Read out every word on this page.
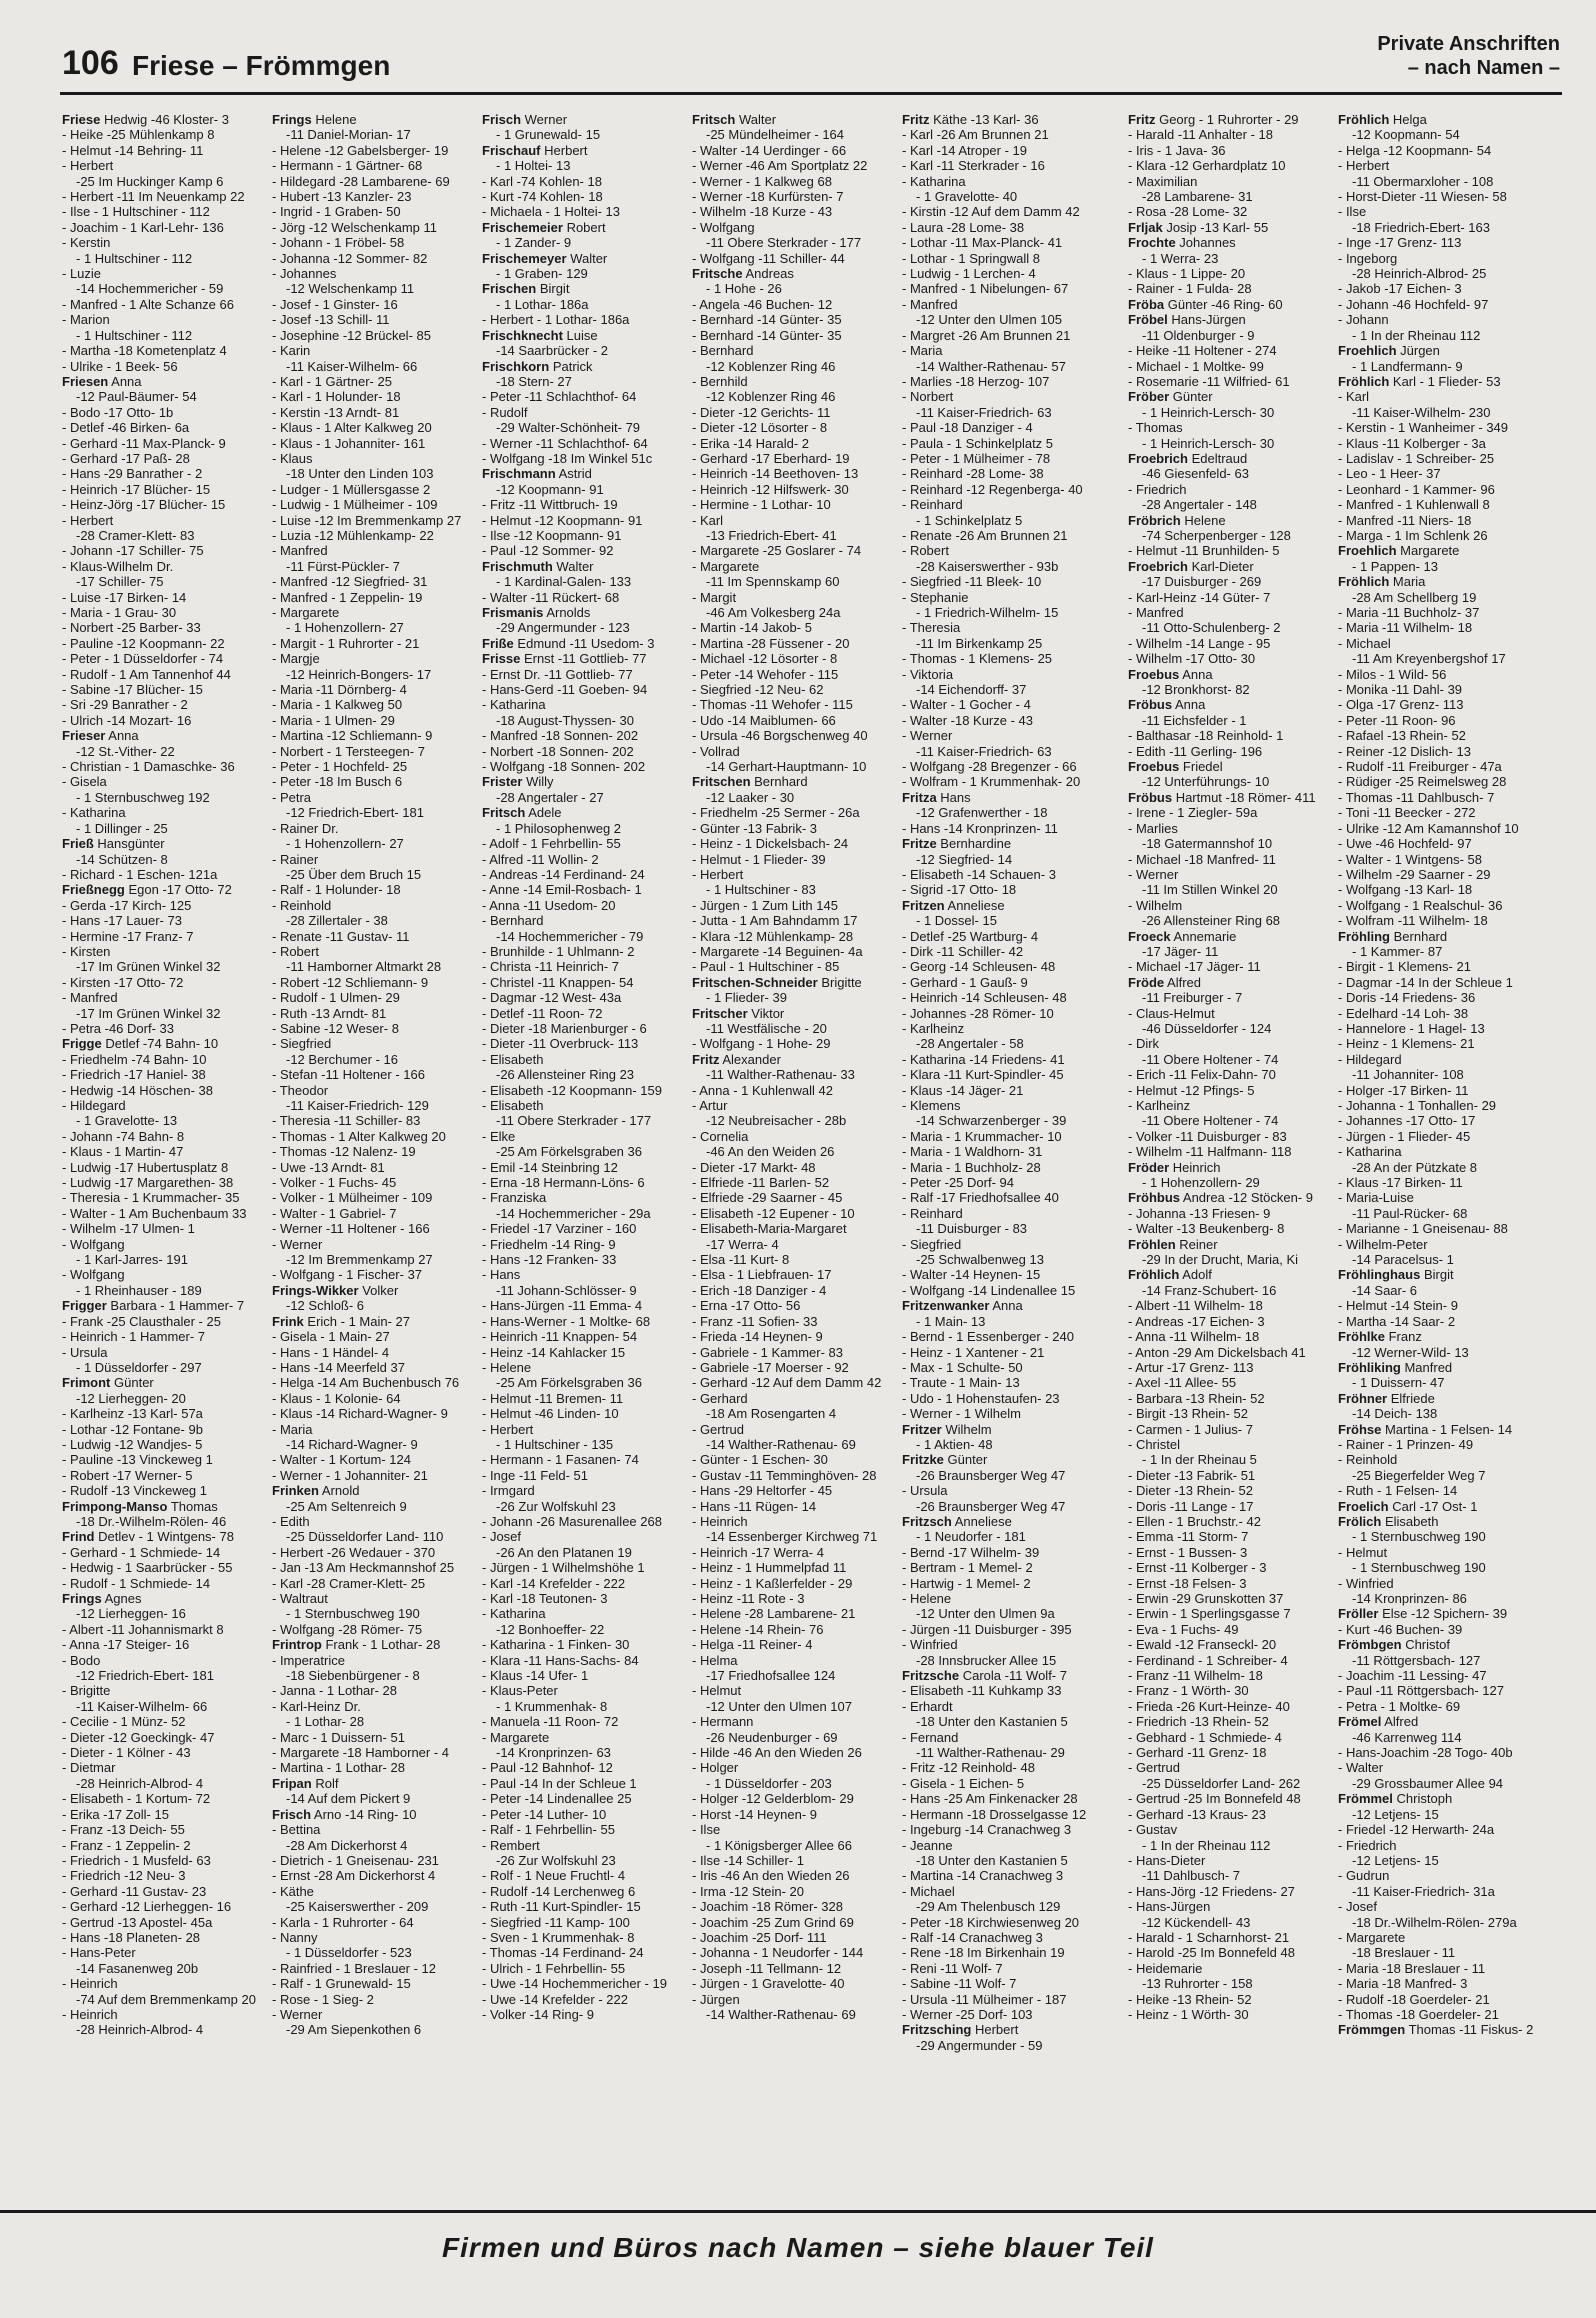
106 Friese – Frömmgen
Private Anschriften
– nach Namen –
Friese Hedwig -46 Kloster- 3
- Heike -25 Mühlenkamp 8
- Helmut -14 Behring- 11
- Herbert
-25 Im Huckinger Kamp 6
- Herbert -11 Im Neuenkamp 22
- Ilse - 1 Hultschiner - 112
- Joachim - 1 Karl-Lehr- 136
- Kerstin
- 1 Hultschiner - 112
- Luzie
-14 Hochemmericher - 59
- Manfred - 1 Alte Schanze 66
- Marion
- 1 Hultschiner - 112
- Martha -18 Kometenplatz 4
- Ulrike - 1 Beek- 56
Friesen Anna
-12 Paul-Bäumer- 54
- Bodo -17 Otto- 1b
- Detlef -46 Birken- 6a
- Gerhard -11 Max-Planck- 9
- Gerhard -17 Paß- 28
- Hans -29 Banrather - 2
- Heinrich -17 Blücher- 15
- Heinz-Jörg -17 Blücher- 15
- Herbert
-28 Cramer-Klett- 83
- Johann -17 Schiller- 75
- Klaus-Wilhelm Dr.
-17 Schiller- 75
- Luise -17 Birken- 14
- Maria - 1 Grau- 30
- Norbert -25 Barber- 33
- Pauline -12 Koopmann- 22
- Peter - 1 Düsseldorfer - 74
- Rudolf - 1 Am Tannenhof 44
- Sabine -17 Blücher- 15
- Sri -29 Banrather - 2
- Ulrich -14 Mozart- 16
Frieser Anna
-12 St.-Vither- 22
- Christian - 1 Damaschke- 36
- Gisela
- 1 Sternbuschweg 192
- Katharina
- 1 Dillinger - 25
Frieß Hansgünter
-14 Schützen- 8
- Richard - 1 Eschen- 121a
Frießnegg Egon -17 Otto- 72
- Gerda -17 Kirch- 125
- Hans -17 Lauer- 73
- Hermine -17 Franz- 7
- Kirsten
-17 Im Grünen Winkel 32
- Kirsten -17 Otto- 72
- Manfred
-17 Im Grünen Winkel 32
- Petra -46 Dorf- 33
Frigge Detlef -74 Bahn- 10
- Friedhelm -74 Bahn- 10
- Friedrich -17 Haniel- 38
- Hedwig -14 Höschen- 38
- Hildegard
- 1 Gravelotte- 13
- Johann -74 Bahn- 8
- Klaus - 1 Martin- 47
- Ludwig -17 Hubertusplatz 8
- Ludwig -17 Margarethen- 38
- Theresia - 1 Krummacher- 35
- Walter - 1 Am Buchenbaum 33
- Wilhelm -17 Ulmen- 1
- Wolfgang
- 1 Karl-Jarres- 191
- Wolfgang
- 1 Rheinhauser - 189
Frigger Barbara - 1 Hammer- 7
- Frank -25 Clausthaler - 25
- Heinrich - 1 Hammer- 7
- Ursula
- 1 Düsseldorfer - 297
Frimont Günter
-12 Lierheggen- 20
- Karlheinz -13 Karl- 57a
- Lothar -12 Fontane- 9b
- Ludwig -12 Wandjes- 5
- Pauline -13 Vinckeweg 1
- Robert -17 Werner- 5
- Rudolf -13 Vinckeweg 1
Frimpong-Manso Thomas
-18 Dr.-Wilhelm-Rölen- 46
Frind Detlev - 1 Wintgens- 78
- Gerhard - 1 Schmiede- 14
- Hedwig - 1 Saarbrücker - 55
- Rudolf - 1 Schmiede- 14
Frings Agnes
-12 Lierheggen- 16
- Albert -11 Johannismarkt 8
- Anna -17 Steiger- 16
- Bodo
-12 Friedrich-Ebert- 181
- Brigitte
-11 Kaiser-Wilhelm- 66
- Cecilie - 1 Münz- 52
- Dieter -12 Goeckingk- 47
- Dieter - 1 Kölner - 43
- Dietmar
-28 Heinrich-Albrod- 4
- Elisabeth - 1 Kortum- 72
- Erika -17 Zoll- 15
- Franz -13 Deich- 55
- Franz - 1 Zeppelin- 2
- Friedrich - 1 Musfeld- 63
- Friedrich -12 Neu- 3
- Gerhard -11 Gustav- 23
- Gerhard -12 Lierheggen- 16
- Gertrud -13 Apostel- 45a
- Hans -18 Planeten- 28
- Hans-Peter
-14 Fasanenweg 20b
- Heinrich
-74 Auf dem Bremmenkamp 20
- Heinrich
-28 Heinrich-Albrod- 4
Frings Helene
-11 Daniel-Morian- 17
- Helene -12 Gabelsberger- 19
- Hermann - 1 Gärtner- 68
- Hildegard -28 Lambarene- 69
- Hubert -13 Kanzler- 23
- Ingrid - 1 Graben- 50
- Jörg -12 Welschenkamp 11
- Johann - 1 Fröbel- 58
- Johanna -12 Sommer- 82
- Johannes
-12 Welschenkamp 11
- Josef - 1 Ginster- 16
- Josef -13 Schill- 11
- Josephine -12 Brückel- 85
- Karin
-11 Kaiser-Wilhelm- 66
- Karl - 1 Gärtner- 25
- Karl - 1 Holunder- 18
- Kerstin -13 Arndt- 81
- Klaus - 1 Alter Kalkweg 20
- Klaus - 1 Johanniter- 161
- Klaus
-18 Unter den Linden 103
- Ludger - 1 Müllersgasse 2
- Ludwig - 1 Mülheimer - 109
- Luise -12 Im Bremmenkamp 27
- Luzia -12 Mühlenkamp- 22
- Manfred
-11 Fürst-Pückler- 7
- Manfred -12 Siegfried- 31
- Manfred - 1 Zeppelin- 19
- Margarete
- 1 Hohenzollern- 27
- Margit - 1 Ruhrorter - 21
- Margje
-12 Heinrich-Bongers- 17
- Maria -11 Dörnberg- 4
- Maria - 1 Kalkweg 50
- Maria - 1 Ulmen- 29
- Martina -12 Schliemann- 9
- Norbert - 1 Tersteegen- 7
- Peter - 1 Hochfeld- 25
- Peter -18 Im Busch 6
- Petra
-12 Friedrich-Ebert- 181
- Rainer Dr.
- 1 Hohenzollern- 27
- Rainer
-25 Über dem Bruch 15
- Ralf - 1 Holunder- 18
- Reinhold
-28 Zillertaler - 38
- Renate -11 Gustav- 11
- Robert
-11 Hamborner Altmarkt 28
- Robert -12 Schliemann- 9
- Rudolf - 1 Ulmen- 29
- Ruth -13 Arndt- 81
- Sabine -12 Weser- 8
- Siegfried
-12 Berchumer - 16
- Stefan -11 Holtener - 166
- Theodor
-11 Kaiser-Friedrich- 129
- Theresia -11 Schiller- 83
- Thomas - 1 Alter Kalkweg 20
- Thomas -12 Nalenz- 19
- Uwe -13 Arndt- 81
- Volker - 1 Fuchs- 45
- Volker - 1 Mülheimer - 109
- Walter - 1 Gabriel- 7
- Werner -11 Holtener - 166
- Werner
-12 Im Bremmenkamp 27
- Wolfgang - 1 Fischer- 37
Frings-Wikker Volker
-12 Schloß- 6
Frink Erich - 1 Main- 27
- Gisela - 1 Main- 27
- Hans - 1 Händel- 4
- Hans -14 Meerfeld 37
- Helga -14 Am Buchenbusch 76
- Klaus - 1 Kolonie- 64
- Klaus -14 Richard-Wagner- 9
- Maria
-14 Richard-Wagner- 9
- Walter - 1 Kortum- 124
- Werner - 1 Johanniter- 21
Frinken Arnold
-25 Am Seltenreich 9
- Edith
-25 Düsseldorfer Land- 110
- Herbert -26 Wedauer - 370
- Jan -13 Am Heckmannshof 25
- Karl -28 Cramer-Klett- 25
- Waltraut
- 1 Sternbuschweg 190
- Wolfgang -28 Römer- 75
Frintrop Frank - 1 Lothar- 28
- Imperatrice
-18 Siebenbürgener - 8
- Janna - 1 Lothar- 28
- Karl-Heinz Dr.
- 1 Lothar- 28
- Marc - 1 Duissern- 51
- Margarete -18 Hamborner - 4
- Martina - 1 Lothar- 28
Fripan Rolf
-14 Auf dem Pickert 9
Frisch Arno -14 Ring- 10
- Bettina
-28 Am Dickerhorst 4
- Dietrich - 1 Gneisenau- 231
- Ernst -28 Am Dickerhorst 4
- Käthe
-25 Kaiserswerther - 209
- Karla - 1 Ruhrorter - 64
- Nanny
- 1 Düsseldorfer - 523
- Rainfried - 1 Breslauer - 12
- Ralf - 1 Grunewald- 15
- Rose - 1 Sieg- 2
- Werner
-29 Am Siepenkothen 6
Frisch Werner
- 1 Grunewald- 15
Frischauf Herbert
- 1 Holtei- 13
- Karl -74 Kohlen- 18
- Kurt -74 Kohlen- 18
- Michaela - 1 Holtei- 13
Frischemeier Robert
- 1 Zander- 9
Frischemeyer Walter
- 1 Graben- 129
Frischen Birgit
- 1 Lothar- 186a
- Herbert - 1 Lothar- 186a
Frischknecht Luise
-14 Saarbrücker - 2
Frischkorn Patrick
-18 Stern- 27
- Peter -11 Schlachthof- 64
- Rudolf
-29 Walter-Schönheit- 79
- Werner -11 Schlachthof- 64
- Wolfgang -18 Im Winkel 51c
Frischmann Astrid
-12 Koopmann- 91
- Fritz -11 Wittbruch- 19
- Helmut -12 Koopmann- 91
- Ilse -12 Koopmann- 91
- Paul -12 Sommer- 92
Frischmuth Walter
- 1 Kardinal-Galen- 133
- Walter -11 Rückert- 68
Frismanis Arnolds
-29 Angermunder - 123
Friße Edmund -11 Usedom- 3
Frisse Ernst -11 Gottlieb- 77
- Ernst Dr. -11 Gottlieb- 77
- Hans-Gerd -11 Goeben- 94
- Katharina
-18 August-Thyssen- 30
- Manfred -18 Sonnen- 202
- Norbert -18 Sonnen- 202
- Wolfgang -18 Sonnen- 202
Frister Willy
-28 Angertaler - 27
Fritsch Adele
- 1 Philosophenweg 2
- Adolf - 1 Fehrbellin- 55
- Alfred -11 Wollin- 2
- Andreas -14 Ferdinand- 24
- Anne -14 Emil-Rosbach- 1
- Anna -11 Usedom- 20
- Bernhard
-14 Hochemmericher - 79
- Brunhilde - 1 Uhlmann- 2
- Christa -11 Heinrich- 7
- Christel -11 Knappen- 54
- Dagmar -12 West- 43a
- Detlef -11 Roon- 72
- Dieter -18 Marienburger - 6
- Dieter -11 Overbruck- 113
- Elisabeth
-26 Allensteiner Ring 23
- Elisabeth -12 Koopmann- 159
- Elisabeth
-11 Obere Sterkrader - 177
- Elke
-25 Am Förkelsgraben 36
- Emil -14 Steinbring 12
- Erna -18 Hermann-Löns- 6
- Franziska
-14 Hochemmericher - 29a
- Friedel -17 Varziner - 160
- Friedhelm -14 Ring- 9
- Hans -12 Franken- 33
- Hans
-11 Johann-Schlösser- 9
- Hans-Jürgen -11 Emma- 4
- Hans-Werner - 1 Moltke- 68
- Heinrich -11 Knappen- 54
- Heinz -14 Kahlacker 15
- Helene
-25 Am Förkelsgraben 36
- Helmut -11 Bremen- 11
- Helmut -46 Linden- 10
- Herbert
- 1 Hultschiner - 135
- Hermann - 1 Fasanen- 74
- Inge -11 Feld- 51
- Irmgard
-26 Zur Wolfskuhl 23
- Johann -26 Masurenallee 268
- Josef
-26 An den Platanen 19
- Jürgen - 1 Wilhelmshöhe 1
- Karl -14 Krefelder - 222
- Karl -18 Teutonen- 3
- Katharina
-12 Bonhoeffer- 22
- Katharina - 1 Finken- 30
- Klara -11 Hans-Sachs- 84
- Klaus -14 Ufer- 1
- Klaus-Peter
- 1 Krummenhak- 8
- Manuela -11 Roon- 72
- Margarete
-14 Kronprinzen- 63
- Paul -12 Bahnhof- 12
- Paul -14 In der Schleue 1
- Peter -14 Lindenallee 25
- Peter -14 Luther- 10
- Ralf - 1 Fehrbellin- 55
- Rembert
-26 Zur Wolfskuhl 23
- Rolf - 1 Neue Fruchtl- 4
- Rudolf -14 Lerchenweg 6
- Ruth -11 Kurt-Spindler- 15
- Siegfried -11 Kamp- 100
- Sven - 1 Krummenhak- 8
- Thomas -14 Ferdinand- 24
- Ulrich - 1 Fehrbellin- 55
- Uwe -14 Hochemmericher - 19
- Uwe -14 Krefelder - 222
- Volker -14 Ring- 9
Fritsch Walter
-25 Mündelheimer - 164
- Walter -14 Uerdinger - 66
- Werner -46 Am Sportplatz 22
- Werner - 1 Kalkweg 68
- Werner -18 Kurfürsten- 7
- Wilhelm -18 Kurze - 43
- Wolfgang
-11 Obere Sterkrader - 177
- Wolfgang -11 Schiller- 44
Fritsche Andreas
- 1 Hohe - 26
- Angela -46 Buchen- 12
- Bernhard -14 Günter- 35
- Bernhard -14 Günter- 35
- Bernhard
-12 Koblenzer Ring 46
- Bernhild
-12 Koblenzer Ring 46
- Dieter -12 Gerichts- 11
- Dieter -12 Lösorter - 8
- Erika -14 Harald- 2
- Gerhard -17 Eberhard- 19
- Heinrich -14 Beethoven- 13
- Heinrich -12 Hilfswerk- 30
- Hermine - 1 Lothar- 10
- Karl
-13 Friedrich-Ebert- 41
- Margarete -25 Goslarer - 74
- Margarete
-11 Im Spennskamp 60
- Margit
-46 Am Volkesberg 24a
- Martin -14 Jakob- 5
- Martina -28 Füssener - 20
- Michael -12 Lösorter - 8
- Peter -14 Wehofer - 115
- Siegfried -12 Neu- 62
- Thomas -11 Wehofer - 115
- Udo -14 Maiblumen- 66
- Ursula -46 Borgschenweg 40
- Vollrad
-14 Gerhart-Hauptmann- 10
Fritschen Bernhard
-12 Laaker - 30
- Friedhelm -25 Sermer - 26a
- Günter -13 Fabrik- 3
- Heinz - 1 Dickelsbach- 24
- Helmut - 1 Flieder- 39
- Herbert
- 1 Hultschiner - 83
- Jürgen - 1 Zum Lith 145
- Jutta - 1 Am Bahndamm 17
- Klara -12 Mühlenkamp- 28
- Margarete -14 Beguinen- 4a
- Paul - 1 Hultschiner - 85
Fritschen-Schneider Brigitte
- 1 Flieder- 39
Fritscher Viktor
-11 Westfälische - 20
- Wolfgang - 1 Hohe- 29
Fritz Alexander
-11 Walther-Rathenau- 33
- Anna - 1 Kuhlenwall 42
- Artur
-12 Neubreisacher - 28b
- Cornelia
-46 An den Weiden 26
- Dieter -17 Markt- 48
- Elfriede -11 Barlen- 52
- Elfriede -29 Saarner - 45
- Elisabeth -12 Eupener - 10
- Elisabeth-Maria-Margaret
-17 Werra- 4
- Elsa -11 Kurt- 8
- Elsa - 1 Liebfrauen- 17
- Erich -18 Danziger - 4
- Erna -17 Otto- 56
- Franz -11 Sofien- 33
- Frieda -14 Heynen- 9
- Gabriele - 1 Kammer- 83
- Gabriele -17 Moerser - 92
- Gerhard -12 Auf dem Damm 42
- Gerhard
-18 Am Rosengarten 4
- Gertrud
-14 Walther-Rathenau- 69
- Günter - 1 Eschen- 30
- Gustav -11 Temminghöven- 28
- Hans -29 Heltorfer - 45
- Hans -11 Rügen- 14
- Heinrich
-14 Essenberger Kirchweg 71
- Heinrich -17 Werra- 4
- Heinz - 1 Hummelpfad 11
- Heinz - 1 Kaßlerfelder - 29
- Heinz -11 Rote - 3
- Helene -28 Lambarene- 21
- Helene -14 Rhein- 76
- Helga -11 Reiner- 4
- Helma
-17 Friedhofsallee 124
- Helmut
-12 Unter den Ulmen 107
- Hermann
-26 Neudenburger - 69
- Hilde -46 An den Wieden 26
- Holger
- 1 Düsseldorfer - 203
- Holger -12 Gelderblom- 29
- Horst -14 Heynen- 9
- Ilse
- 1 Königsberger Allee 66
- Ilse -14 Schiller- 1
- Iris -46 An den Wieden 26
- Irma -12 Stein- 20
- Joachim -18 Römer- 328
- Joachim -25 Zum Grind 69
- Joachim -25 Dorf- 111
- Johanna - 1 Neudorfer - 144
- Joseph -11 Tellmann- 12
- Jürgen - 1 Gravelotte- 40
- Jürgen
-14 Walther-Rathenau- 69
Fritz Käthe -13 Karl- 36
- Karl -26 Am Brunnen 21
- Karl -14 Atroper - 19
- Karl -11 Sterkrader - 16
- Katharina
- 1 Gravelotte- 40
- Kirstin -12 Auf dem Damm 42
- Laura -28 Lome- 38
- Lothar -11 Max-Planck- 41
- Lothar - 1 Springwall 8
- Ludwig - 1 Lerchen- 4
- Manfred - 1 Nibelungen- 67
- Manfred
-12 Unter den Ulmen 105
- Margret -26 Am Brunnen 21
- Maria
-14 Walther-Rathenau- 57
- Marlies -18 Herzog- 107
- Norbert
-11 Kaiser-Friedrich- 63
- Paul -18 Danziger - 4
- Paula - 1 Schinkelplatz 5
- Peter - 1 Mülheimer - 78
- Reinhard -28 Lome- 38
- Reinhard -12 Regenberga- 40
- Reinhard
- 1 Schinkelplatz 5
- Renate -26 Am Brunnen 21
- Robert
-28 Kaiserswerther - 93b
- Siegfried -11 Bleek- 10
- Stephanie
- 1 Friedrich-Wilhelm- 15
- Theresia
-11 Im Birkenkamp 25
- Thomas - 1 Klemens- 25
- Viktoria
-14 Eichendorff- 37
- Walter - 1 Gocher - 4
- Walter -18 Kurze - 43
- Werner
-11 Kaiser-Friedrich- 63
- Wolfgang -28 Bregenzer - 66
- Wolfram - 1 Krummenhak- 20
Fritza Hans
-12 Grafenwerther - 18
- Hans -14 Kronprinzen- 11
Fritze Bernhardine
-12 Siegfried- 14
- Elisabeth -14 Schauen- 3
- Sigrid -17 Otto- 18
Fritzen Anneliese
- 1 Dossel- 15
- Detlef -25 Wartburg- 4
- Dirk -11 Schiller- 42
- Georg -14 Schleusen- 48
- Gerhard - 1 Gauß- 9
- Heinrich -14 Schleusen- 48
- Johannes -28 Römer- 10
- Karlheinz
-28 Angertaler - 58
- Katharina -14 Friedens- 41
- Klara -11 Kurt-Spindler- 45
- Klaus -14 Jäger- 21
- Klemens
-14 Schwarzenberger - 39
- Maria - 1 Krummacher- 10
- Maria - 1 Waldhorn- 31
- Maria - 1 Buchholz- 28
- Peter -25 Dorf- 94
- Ralf -17 Friedhofsallee 40
- Reinhard
-11 Duisburger - 83
- Siegfried
-25 Schwalbenweg 13
- Walter -14 Heynen- 15
- Wolfgang -14 Lindenallee 15
Fritzenwanker Anna
- 1 Main- 13
- Bernd - 1 Essenberger - 240
- Heinz - 1 Xantener - 21
- Max - 1 Schulte- 50
- Traute - 1 Main- 13
- Udo - 1 Hohenstaufen- 23
- Werner - 1 Wilhelm
Fritzer Wilhelm
- 1 Aktien- 48
Fritzke Günter
-26 Braunsberger Weg 47
- Ursula
-26 Braunsberger Weg 47
Fritzsch Anneliese
- 1 Neudorfer - 181
- Bernd -17 Wilhelm- 39
- Bertram - 1 Memel- 2
- Hartwig - 1 Memel- 2
- Helene
-12 Unter den Ulmen 9a
- Jürgen -11 Duisburger - 395
- Winfried
-28 Innsbrucker Allee 15
Fritzsche Carola -11 Wolf- 7
- Elisabeth -11 Kuhkamp 33
- Erhardt
-18 Unter den Kastanien 5
- Fernand
-11 Walther-Rathenau- 29
- Fritz -12 Reinhold- 48
- Gisela - 1 Eichen- 5
- Hans -25 Am Finkenacker 28
- Hermann -18 Drosselgasse 12
- Ingeburg -14 Cranachweg 3
- Jeanne
-18 Unter den Kastanien 5
- Martina -14 Cranachweg 3
- Michael
-29 Am Thelenbusch 129
- Peter -18 Kirchwiesenweg 20
- Ralf -14 Cranachweg 3
- Rene -18 Im Birkenhain 19
- Reni -11 Wolf- 7
- Sabine -11 Wolf- 7
- Ursula -11 Mülheimer - 187
- Werner -25 Dorf- 103
Fritzsching Herbert
-29 Angermunder - 59
Fritz Georg - 1 Ruhrorter - 29
- Harald -11 Anhalter - 18
- Iris - 1 Java- 36
- Klara -12 Gerhardplatz 10
- Maximilian
-28 Lambarene- 31
- Rosa -28 Lome- 32
Frljak Josip -13 Karl- 55
Frochte Johannes
- 1 Werra- 23
- Klaus - 1 Lippe- 20
- Rainer - 1 Fulda- 28
Fröba Günter -46 Ring- 60
Fröbel Hans-Jürgen
-11 Oldenburger - 9
- Heike -11 Holtener - 274
- Michael - 1 Moltke- 99
- Rosemarie -11 Wilfried- 61
Fröber Günter
- 1 Heinrich-Lersch- 30
- Thomas
- 1 Heinrich-Lersch- 30
Froebrich Edeltraud
-46 Giesenfeld- 63
- Friedrich
-28 Angertaler - 148
Fröbrich Helene
-74 Scherpenberger - 128
- Helmut -11 Brunhilden- 5
Froebrich Karl-Dieter
-17 Duisburger - 269
- Karl-Heinz -14 Güter- 7
- Manfred
-11 Otto-Schulenberg- 2
- Wilhelm -14 Lange - 95
- Wilhelm -17 Otto- 30
Froebus Anna
-12 Bronkhorst- 82
Fröbus Anna
-11 Eichsfelder - 1
- Balthasar -18 Reinhold- 1
- Edith -11 Gerling- 196
Froebus Friedel
-12 Unterführungs- 10
Fröbus Hartmut -18 Römer- 411
- Irene - 1 Ziegler- 59a
- Marlies
-18 Gatermannshof 10
- Michael -18 Manfred- 11
- Werner
-11 Im Stillen Winkel 20
- Wilhelm
-26 Allensteiner Ring 68
Froeck Annemarie
-17 Jäger- 11
- Michael -17 Jäger- 11
Fröde Alfred
-11 Freiburger - 7
- Claus-Helmut
-46 Düsseldorfer - 124
- Dirk
-11 Obere Holtener - 74
- Erich -11 Felix-Dahn- 70
- Helmut -12 Pfings- 5
- Karlheinz
-11 Obere Holtener - 74
- Volker -11 Duisburger - 83
- Wilhelm -11 Halfmann- 118
Fröder Heinrich
- 1 Hohenzollern- 29
Fröhbus Andrea -12 Stöcken- 9
- Johanna -13 Friesen- 9
- Walter -13 Beukenberg- 8
Fröhlen Reiner
-29 In der Drucht, Maria, Ki
Fröhlich Adolf
-14 Franz-Schubert- 16
- Albert -11 Wilhelm- 18
- Andreas -17 Eichen- 3
- Anna -11 Wilhelm- 18
- Anton -29 Am Dickelsbach 41
- Artur -17 Grenz- 113
- Axel -11 Allee- 55
- Barbara -13 Rhein- 52
- Birgit -13 Rhein- 52
- Carmen - 1 Julius- 7
- Christel
- 1 In der Rheinau 5
- Dieter -13 Fabrik- 51
- Dieter -13 Rhein- 52
- Doris -11 Lange - 17
- Ellen - 1 Bruchstr.- 42
- Emma -11 Storm- 7
- Ernst - 1 Bussen- 3
- Ernst -11 Kolberger - 3
- Ernst -18 Felsen- 3
- Erwin -29 Grunskotten 37
- Erwin - 1 Sperlingsgasse 7
- Eva - 1 Fuchs- 49
- Ewald -12 Franseckl- 20
- Ferdinand - 1 Schreiber- 4
- Franz -11 Wilhelm- 18
- Franz - 1 Wörth- 30
- Frieda -26 Kurt-Heinze- 40
- Friedrich -13 Rhein- 52
- Gebhard - 1 Schmiede- 4
- Gerhard -11 Grenz- 18
- Gertrud
-25 Düsseldorfer Land- 262
- Gertrud -25 Im Bonnefeld 48
- Gerhard -13 Kraus- 23
- Gustav
- 1 In der Rheinau 112
- Hans-Dieter
-11 Dahlbusch- 7
- Hans-Jörg -12 Friedens- 27
- Hans-Jürgen
-12 Kückendell- 43
- Harald - 1 Scharnhorst- 21
- Harold -25 Im Bonnefeld 48
- Heidemarie
-13 Ruhrorter - 158
- Heike -13 Rhein- 52
- Heinz - 1 Wörth- 30
Fröhlich Helga
-12 Koopmann- 54
- Helga -12 Koopmann- 54
- Herbert
-11 Obermarxloher - 108
- Horst-Dieter -11 Wiesen- 58
- Ilse
-18 Friedrich-Ebert- 163
- Inge -17 Grenz- 113
- Ingeborg
-28 Heinrich-Albrod- 25
- Jakob -17 Eichen- 3
- Johann -46 Hochfeld- 97
- Johann
- 1 In der Rheinau 112
Froehlich Jürgen
- 1 Landfermann- 9
Fröhlich Karl - 1 Flieder- 53
- Karl
-11 Kaiser-Wilhelm- 230
- Kerstin - 1 Wanheimer - 349
- Klaus -11 Kolberger - 3a
- Ladislav - 1 Schreiber- 25
- Leo - 1 Heer- 37
- Leonhard - 1 Kammer- 96
- Manfred - 1 Kuhlenwall 8
- Manfred -11 Niers- 18
- Marga - 1 Im Schlenk 26
Froehlich Margarete
- 1 Pappen- 13
Fröhlich Maria
-28 Am Schellberg 19
- Maria -11 Buchholz- 37
- Maria -11 Wilhelm- 18
- Michael
-11 Am Kreyenbergshof 17
- Milos - 1 Wild- 56
- Monika -11 Dahl- 39
- Olga -17 Grenz- 113
- Peter -11 Roon- 96
- Rafael -13 Rhein- 52
- Reiner -12 Dislich- 13
- Rudolf -11 Freiburger - 47a
- Rüdiger -25 Reimelsweg 28
- Thomas -11 Dahlbusch- 7
- Toni -11 Beecker - 272
- Ulrike -12 Am Kamannshof 10
- Uwe -46 Hochfeld- 97
- Walter - 1 Wintgens- 58
- Wilhelm -29 Saarner - 29
- Wolfgang -13 Karl- 18
- Wolfgang - 1 Realschul- 36
- Wolfram -11 Wilhelm- 18
Fröhling Bernhard
- 1 Kammer- 87
- Birgit - 1 Klemens- 21
- Dagmar -14 In der Schleue 1
- Doris -14 Friedens- 36
- Edelhard -14 Loh- 38
- Hannelore - 1 Hagel- 13
- Heinz - 1 Klemens- 21
- Hildegard
-11 Johanniter- 108
- Holger -17 Birken- 11
- Johanna - 1 Tonhallen- 29
- Johannes -17 Otto- 17
- Jürgen - 1 Flieder- 45
- Katharina
-28 An der Pützkate 8
- Klaus -17 Birken- 11
- Maria-Luise
-11 Paul-Rücker- 68
- Marianne - 1 Gneisenau- 88
- Wilhelm-Peter
-14 Paracelsus- 1
Fröhlinghaus Birgit
-14 Saar- 6
- Helmut -14 Stein- 9
- Martha -14 Saar- 2
Fröhlke Franz
-12 Werner-Wild- 13
Fröhliking Manfred
- 1 Duissern- 47
Fröhner Elfriede
-14 Deich- 138
Fröhse Martina - 1 Felsen- 14
- Rainer - 1 Prinzen- 49
- Reinhold
-25 Biegerfelder Weg 7
- Ruth - 1 Felsen- 14
Froelich Carl -17 Ost- 1
Frölich Elisabeth
- 1 Sternbuschweg 190
- Helmut
- 1 Sternbuschweg 190
- Winfried
-14 Kronprinzen- 86
Fröller Else -12 Spichern- 39
- Kurt -46 Buchen- 39
Frömbgen Christof
-11 Röttgersbach- 127
- Joachim -11 Lessing- 47
- Paul -11 Röttgersbach- 127
- Petra - 1 Moltke- 69
Frömel Alfred
-46 Karrenweg 114
- Hans-Joachim -28 Togo- 40b
- Walter
-29 Grossbaumer Allee 94
Frömmel Christoph
-12 Letjens- 15
- Friedel -12 Herwarth- 24a
- Friedrich
-12 Letjens- 15
- Gudrun
-11 Kaiser-Friedrich- 31a
- Josef
-18 Dr.-Wilhelm-Rölen- 279a
- Margarete
-18 Breslauer - 11
- Maria -18 Breslauer - 11
- Maria -18 Manfred- 3
- Rudolf -18 Goerdeler- 21
- Thomas -18 Goerdeler- 21
Frömmgen Thomas -11 Fiskus- 2
Firmen und Büros nach Namen – siehe blauer Teil
